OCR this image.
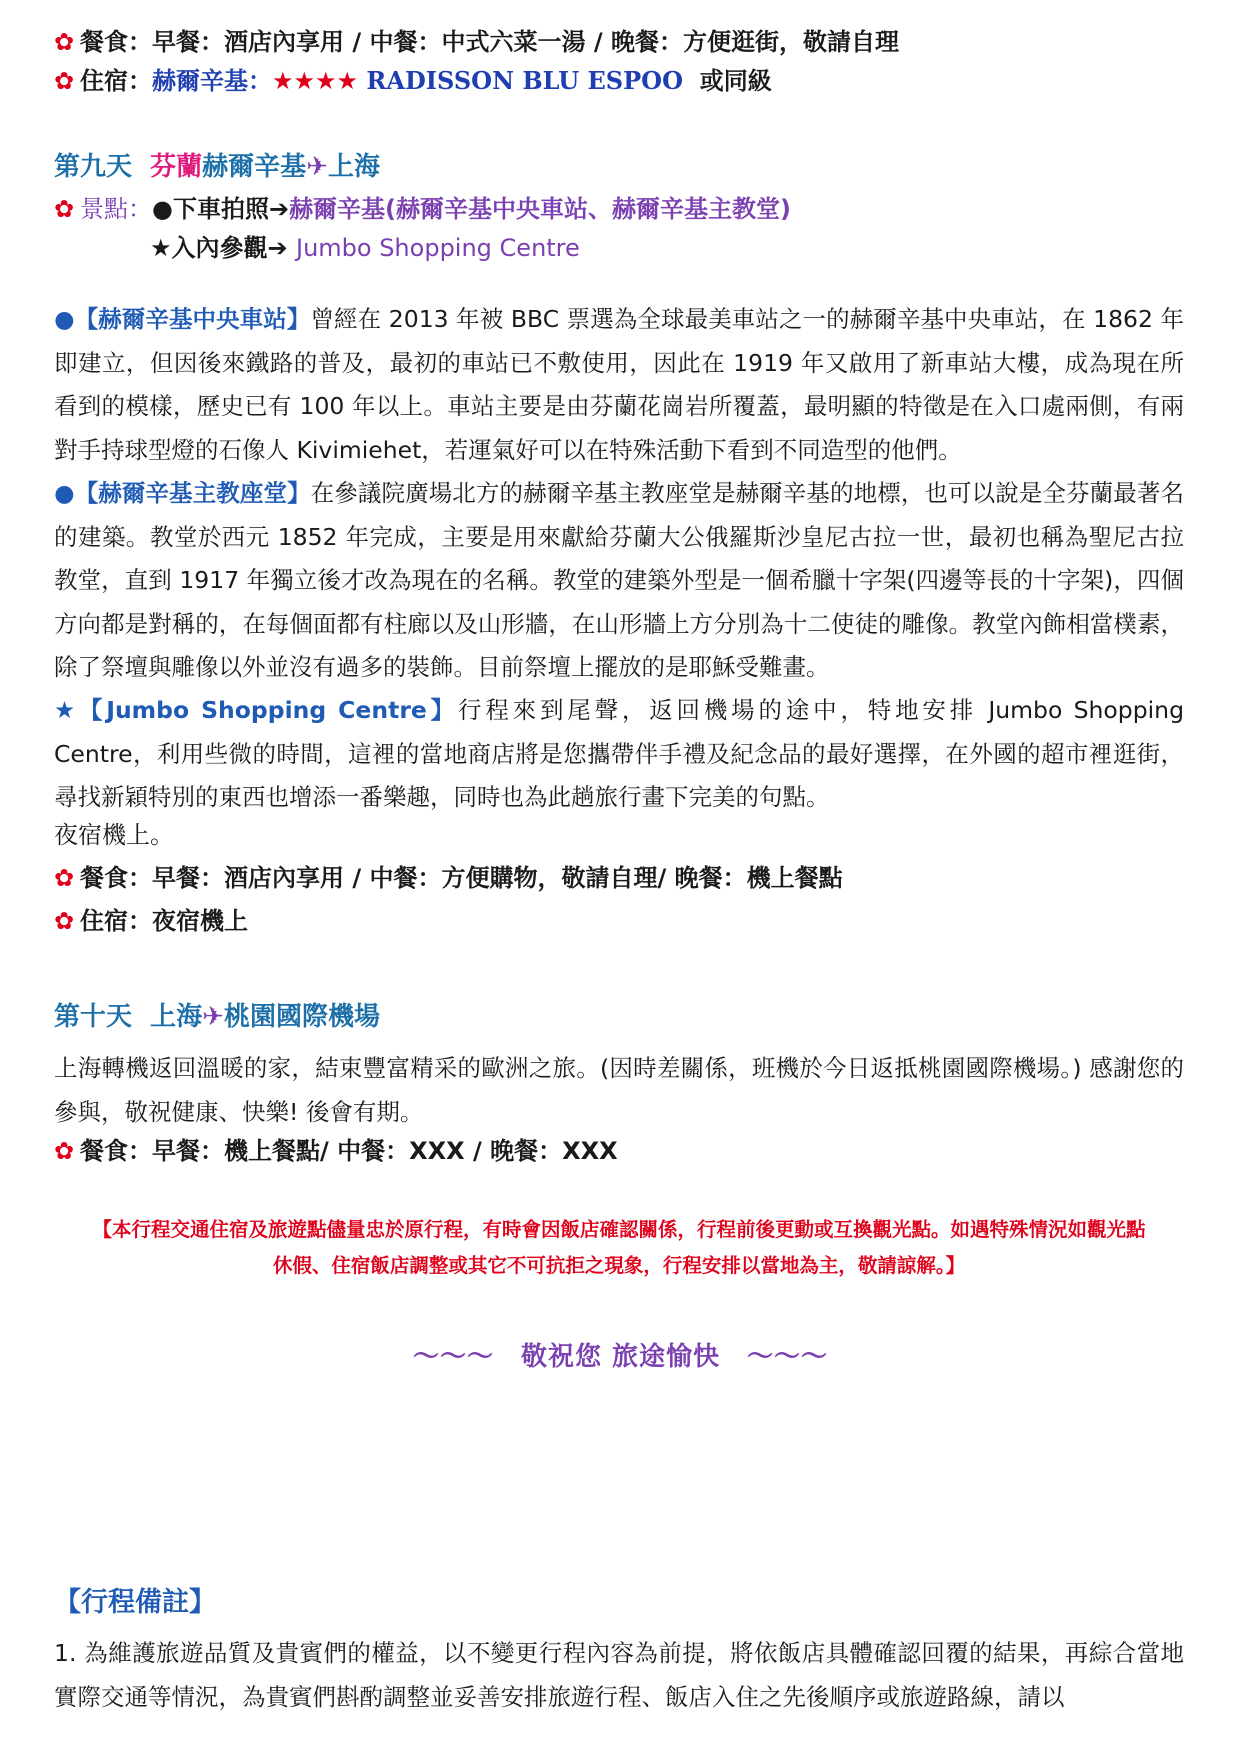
✿ 餐食：早餐：酒店內享用 / 中餐：中式六菜一湯 / 晚餐：方便逛街，敬請自理
✿ 住宿：赫爾辛基：★★★★ RADISSON BLU ESPOO 或同級
第九天 芬蘭赫爾辛基✈上海
✿ 景點：●下車拍照➔赫爾辛基(赫爾辛基中央車站、赫爾辛基主教堂)
★入內參觀➔ Jumbo Shopping Centre
●【赫爾辛基中央車站】曾經在 2013 年被 BBC 票選為全球最美車站之一的赫爾辛基中央車站，在 1862 年即建立，但因後來鐵路的普及，最初的車站已不敷使用，因此在 1919 年又啟用了新車站大樓，成為現在所看到的模樣，歷史已有 100 年以上。車站主要是由芬蘭花崗岩所覆蓋，最明顯的特徵是在入口處兩側，有兩對手持球型燈的石像人 Kivimiehet，若運氣好可以在特殊活動下看到不同造型的他們。
●【赫爾辛基主教座堂】在參議院廣場北方的赫爾辛基主教座堂是赫爾辛基的地標，也可以說是全芬蘭最著名的建築。教堂於西元 1852 年完成，主要是用來獻給芬蘭大公俄羅斯沙皇尼古拉一世，最初也稱為聖尼古拉教堂，直到 1917 年獨立後才改為現在的名稱。教堂的建築外型是一個希臘十字架(四邊等長的十字架)，四個方向都是對稱的，在每個面都有柱廊以及山形牆，在山形牆上方分別為十二使徒的雕像。教堂內飾相當樸素，除了祭壇與雕像以外並沒有過多的裝飾。目前祭壇上擺放的是耶穌受難畫。
★【Jumbo Shopping Centre】行程來到尾聲，返回機場的途中，特地安排 Jumbo Shopping Centre，利用些微的時間，這裡的當地商店將是您攜帶伴手禮及紀念品的最好選擇，在外國的超市裡逛街，尋找新穎特別的東西也增添一番樂趣，同時也為此趟旅行畫下完美的句點。
夜宿機上。
✿ 餐食：早餐：酒店內享用 / 中餐：方便購物，敬請自理/ 晚餐：機上餐點
✿ 住宿：夜宿機上
第十天 上海✈桃園國際機場
上海轉機返回溫暖的家，結束豐富精采的歐洲之旅。(因時差關係，班機於今日返抵桃園國際機場。) 感謝您的參與，敬祝健康、快樂! 後會有期。
✿ 餐食：早餐：機上餐點/ 中餐：XXX / 晚餐：XXX
【本行程交通住宿及旅遊點儘量忠於原行程，有時會因飯店確認關係，行程前後更動或互換觀光點。如遇特殊情況如觀光點
休假、住宿飯店調整或其它不可抗拒之現象，行程安排以當地為主，敬請諒解。】
～～～　敬祝您 旅途愉快　～～～
【行程備註】
1. 為維護旅遊品質及貴賓們的權益，以不變更行程內容為前提，將依飯店具體確認回覆的結果，再綜合當地實際交通等情況，為貴賓們斟酌調整並妥善安排旅遊行程、飯店入住之先後順序或旅遊路線，請以
